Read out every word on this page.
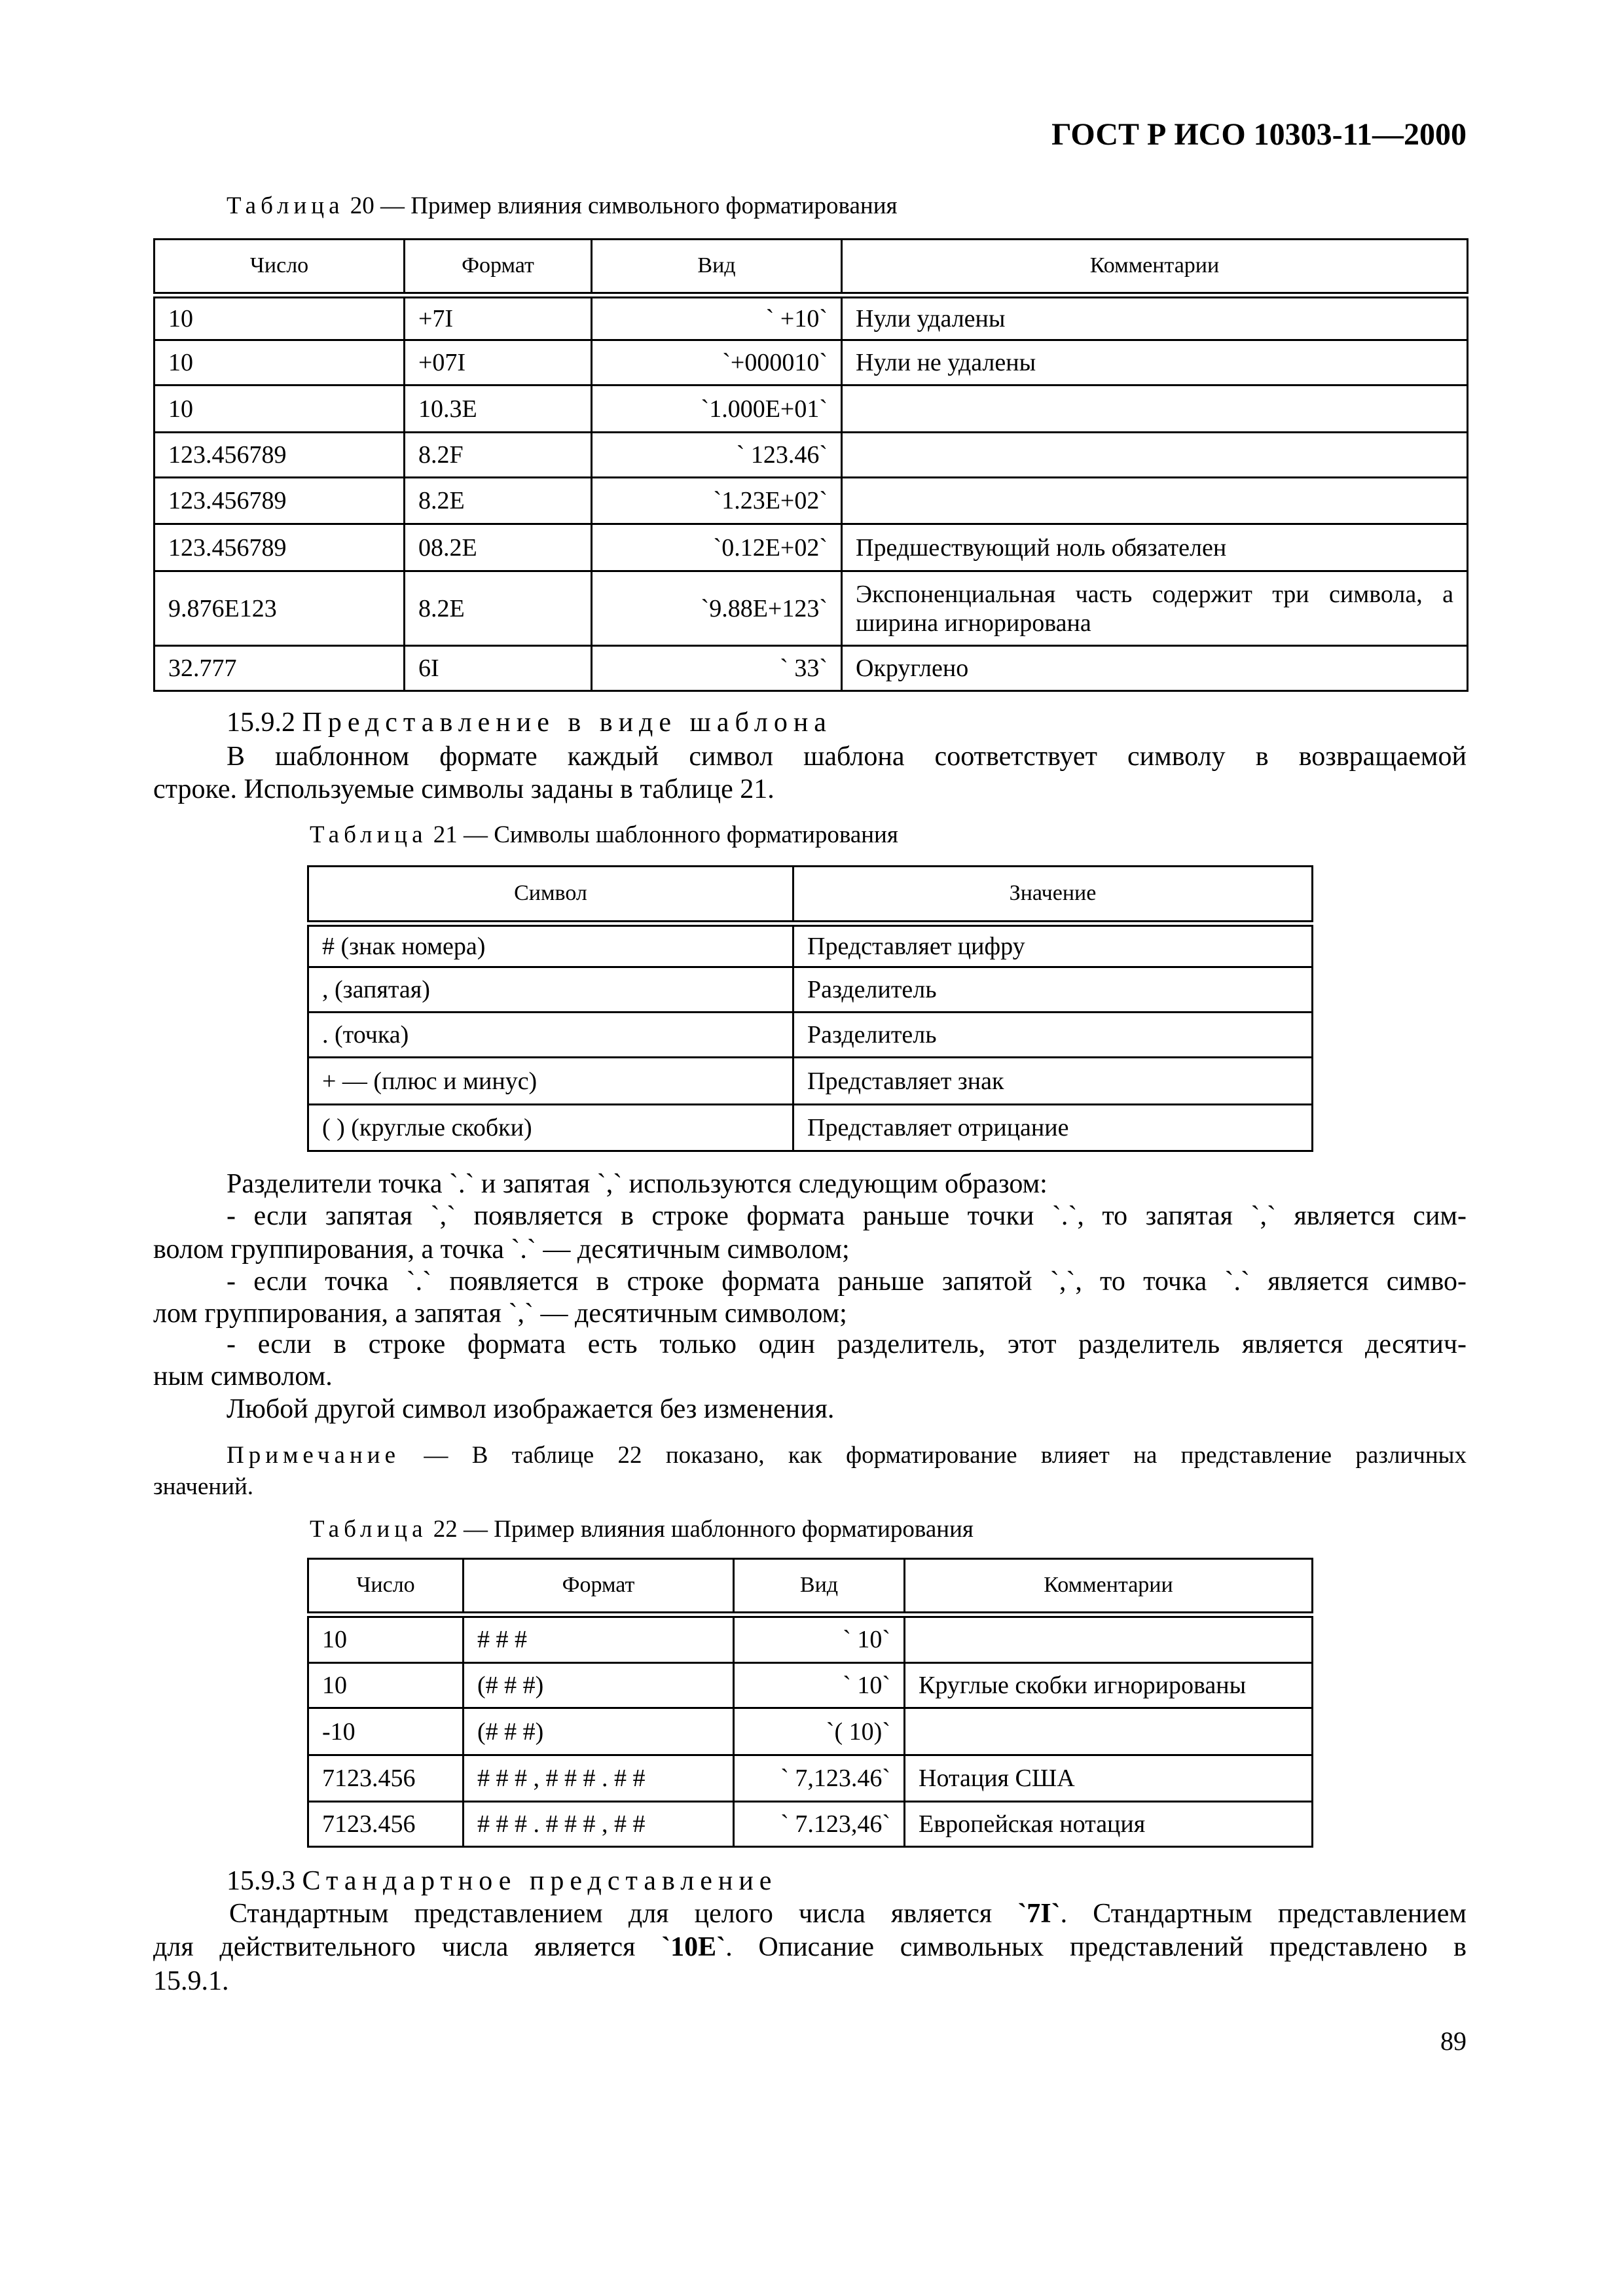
ГОСТ Р ИСО 10303-11—2000
Таблица 20 — Пример влияния символьного форматирования
Число	Формат	Вид	Комментарии
10	+7I	` +10`	Нули удалены
10	+07I	`+000010`	Нули не удалены
10	10.3E	`1.000E+01`	
123.456789	8.2F	` 123.46`	
123.456789	8.2E	`1.23E+02`	
123.456789	08.2E	`0.12E+02`	Предшествующий ноль обязателен
9.876E123	8.2E	`9.88E+123`	Экспоненциальная часть содержит три символа, а ширина игнорирована
32.777	6I	` 33`	Округлено
15.9.2 Представление в виде шаблона
В шаблонном формате каждый символ шаблона соответствует символу в возвращаемой
строке. Используемые символы заданы в таблице 21.
Таблица 21 — Символы шаблонного форматирования
Символ	Значение
# (знак номера)	Представляет цифру
, (запятая)	Разделитель
. (точка)	Разделитель
+ — (плюс и минус)	Представляет знак
( ) (круглые скобки)	Представляет отрицание
Разделители точка `.` и запятая `,` используются следующим образом:
- если запятая `,` появляется в строке формата раньше точки `.`, то запятая `,` является сим-
волом группирования, а точка `.` — десятичным символом;
- если точка `.` появляется в строке формата раньше запятой `,`, то точка `.` является симво-
лом группирования, а запятая `,` — десятичным символом;
- если в строке формата есть только один разделитель, этот разделитель является десятич-
ным символом.
Любой другой символ изображается без изменения.
Примечание — В таблице 22 показано, как форматирование влияет на представление различных
значений.
Таблица 22 — Пример влияния шаблонного форматирования
Число	Формат	Вид	Комментарии
10	# # #	` 10`	
10	(# # #)	` 10`	Круглые скобки игнорированы
-10	(# # #)	`( 10)`	
7123.456	# # # , # # # . # #	` 7,123.46`	Нотация США
7123.456	# # # . # # # , # #	` 7.123,46`	Европейская нотация
15.9.3 Стандартное представление
Стандартным представлением для целого числа является `7I`. Стандартным представлением
для действительного числа является `10E`. Описание символьных представлений представлено в
15.9.1.
89
